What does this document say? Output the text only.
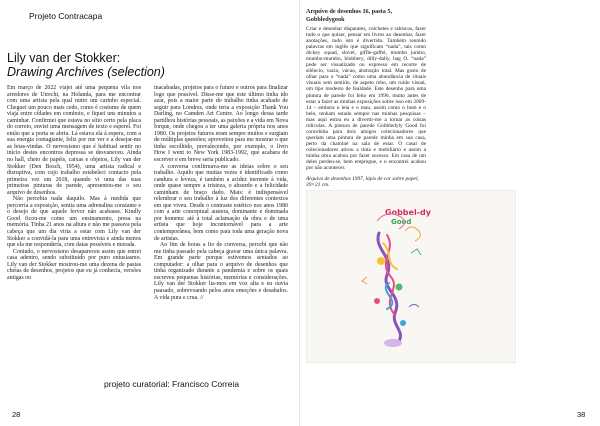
Projeto Contracapa
Lily van der Stokker:
Drawing Archives (selection)

Em março de 2022 viajei até uma pequena vila nos arredores de Utrecht, na Holanda, para me encontrar com uma artista pela qual nutro um carinho especial. Cheguei um pouco mais cedo, como é costume de quem viaja entre cidades em comboio, e fiquei uns minutos a caminhar. Confirmei que estava no sítio certo pela placa do correio, enviei uma mensagem de texto e esperei. Foi então que a porta se abriu. Lá estava ela à espera, com a sua energia contagiante, feliz por me ver e a desejar-me as boas-vindas. O nervosismo que é habitual sentir no início destes encontros depressa se desvaneceu. Ainda no hall, cheio de papéis, caixas e objetos, Lily van der Stokker (Den Bosch, 1954), uma artista radical e disruptiva, com cujo trabalho estabeleci contacto pela primeira vez em 2018, quando vi uma das suas primeiras pinturas de parede, apresentou-me o seu arquivo de desenhos.

Não percebia nada daquilo. Mas à medida que percorria a exposição, sentia uma adrenalina constante e o desejo de que aquele fervor não acabasse. Kindly Good ficou-me como um ensinamento, presa na memória. Tinha 21 anos na altura e não me passava pela cabeça que um dia viria a estar com Lily van der Stokker a convidá-la para uma entrevista e ainda menos que ela me responderia, com datas possíveis e morada.

Contudo, o nervosismo desapareceu assim que entrei casa adentro, sendo substituído por puro entusiasmo. Lily van der Stokker mostrou-me uma dezena de pastas cheias de desenhos, projetos que eu já conhecia, versões antigas ou

inacabadas, projetos para o futuro e outros para finalizar logo que possível. Disse-me que este último tinha ido azar, pois a maior parte do trabalho tinha acabado de seguir para Londres, onde teria a exposição Thank You Darling, no Camden Art Centre. Ao longo dessa tarde partilhou histórias pessoais, as paixões e a vida em Nova Iorque, onde chegou a ter uma galeria própria nos anos 1980. Os projetos futuros eram sempre muitos e surgiam de múltiplas questões; aproveitou para me mostrar o que tinha escolhido, prevalecendo, por exemplo, o livro How I went to New York 1983-1992, que acabara de escrever e em breve seria publicado.

A conversa confirmava-me as ideias sobre o seu trabalho. Aquilo que muitas vezes é identificado como candura e leveza, é também a acidez inerente à vida, onde quase sempre a tristeza, o absurdo e a felicidade caminham de braço dado. Mais: é indispensável relembrar o seu trabalho à luz dos diferentes contextos em que viveu. Desde o contraste estético nos anos 1980 com a arte conceptual austera, dominante e dominada por homens: até à total aclamação da obra e de uma artista que hoje incontornável para a arte contemporânea, bem como para toda uma geração nova de artistas.

Ao fim de horas a fio de conversa, percebi que não me tinha passado pela cabeça gravar uma única palavra. Em grande parte porque estivemos sentados ao computador: a olhar para o arquivo de desenhos que tinha organizado durante a pandemia e sobre os quais escreveu pequenas histórias, memórias e considerações. Lily van der Stokker lia-mos em voz alta e eu ouvia pausado, sobrevoando pelos anos emoções e desabafos. A vida pura e crua. //

projeto curatorial: Francisco Correia
28
Arquivo de desenhos 16, pasta 5, Gobbledygook
Criar e desenhar disparates, colchetes e rabiscos, fazer tudo o que quiser, pensar em livros ao desenhar, fazer anotações, tudo isto é divertido. Também reunido palavras em inglês que significam “nada”, tais como dickey squad, slovel, giffle-gaffel, mumbo jumbo, mumbo-mumbo, blobbery, dilly-dally, bag O. “nada” pode ser visualizado ou expresso em recorte de silêncio, vazio, vácuo, abstração total. Mas gosto de olhar para o “nada” como uma abundância de rituais visuais sem sentido, de aspeto rebo, um ruído visual, um tipo modesto de fealdade. Este desenho para uma pintura de parede foi feito em 1996, muito antes de estar a fazer as minhas exposições sobre isso em 2009-14 – embora o leia e o mau, assim como o bom e o belo, tenham estado sempre nas minhas pesquisas – mas aqui estou eu a divertir-me a tornar as coisas ridículas. A pintura de parede Gobbledyly Good foi concebida para dois amigos colecionadores que queriam uma pintura de parede minha em sua casa, perto da chaminé na sala de estar. O casal de colecionadores atirou a tinta e mobiliário e assim a minha obra acabou por fazer sucesso. Em casa de um deles perdeu-se, bem empregue, e o encontrei acabou por não acontecer.
Arquivo de desenhos 1997, lápis de cor sobre papel, 39×21 cm.
Gobbel-dy
Good
38
